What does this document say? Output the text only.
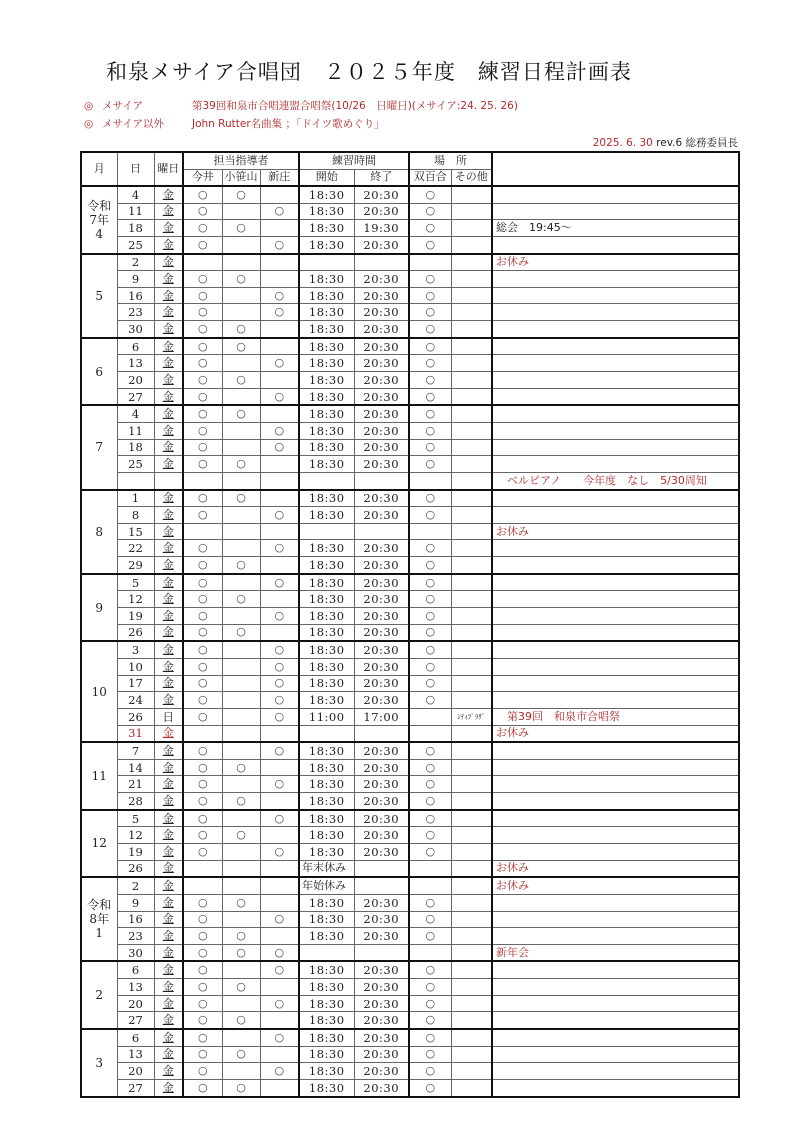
和泉メサイア合唱団　２０２５年度　練習日程計画表
◎ メサイア	第39回和泉市合唱連盟合唱祭(10/26　日曜日)(メサイア:24. 25. 26)
◎ メサイア以外	John Rutter名曲集 ；「ドイツ歌めぐり」
2025. 6. 30 rev.6 総務委員長
月	日	曜日	担当指導者			練習時間		場　所		
			今井	小笹山	新庄	開始	終了	双百合	その他	

令和
7年
4	4	金	○	○		18:30	20:30	○		
	11	金	○		○	18:30	20:30	○		
	18	金	○	○		18:30	19:30	○		総会　19:45～
	25	金	○		○	18:30	20:30	○		

5	2	金								お休み
	9	金	○	○		18:30	20:30	○		
	16	金	○		○	18:30	20:30	○		
	23	金	○		○	18:30	20:30	○		
	30	金	○	○		18:30	20:30	○		

6	6	金	○	○		18:30	20:30	○		
	13	金	○		○	18:30	20:30	○		
	20	金	○	○		18:30	20:30	○		
	27	金	○		○	18:30	20:30	○		

7	4	金	○	○		18:30	20:30	○		
	11	金	○		○	18:30	20:30	○		
	18	金	○		○	18:30	20:30	○		
	25	金	○	○		18:30	20:30	○		
										　ベルピアノ　　今年度　なし　5/30周知

8	1	金	○	○		18:30	20:30	○		
	8	金	○		○	18:30	20:30	○		
	15	金								お休み
	22	金	○		○	18:30	20:30	○		
	29	金	○	○		18:30	20:30	○		

9	5	金	○		○	18:30	20:30	○		
	12	金	○	○		18:30	20:30	○		
	19	金	○		○	18:30	20:30	○		
	26	金	○	○		18:30	20:30	○		

10	3	金	○		○	18:30	20:30	○		
	10	金	○		○	18:30	20:30	○		
	17	金	○		○	18:30	20:30	○		
	24	金	○		○	18:30	20:30	○		
	26	日	○		○	11:00	17:00		ｼﾃｨﾌﾟﾗｻﾞ	　第39回　和泉市合唱祭
	31	金								お休み

11	7	金	○		○	18:30	20:30	○		
	14	金	○	○		18:30	20:30	○		
	21	金	○		○	18:30	20:30	○		
	28	金	○	○		18:30	20:30	○		

12	5	金	○		○	18:30	20:30	○		
	12	金	○	○		18:30	20:30	○		
	19	金	○		○	18:30	20:30	○		
	26	金				年末休み				お休み

令和
8年
1	2	金				年始休み				お休み
	9	金	○	○		18:30	20:30	○		
	16	金	○		○	18:30	20:30	○		
	23	金	○	○		18:30	20:30	○		
	30	金	○	○	○					新年会

2	6	金	○		○	18:30	20:30	○		
	13	金	○	○		18:30	20:30	○		
	20	金	○		○	18:30	20:30	○		
	27	金	○	○		18:30	20:30	○		

3	6	金	○		○	18:30	20:30	○		
	13	金	○	○		18:30	20:30	○		
	20	金	○		○	18:30	20:30	○		
	27	金	○	○		18:30	20:30	○		
